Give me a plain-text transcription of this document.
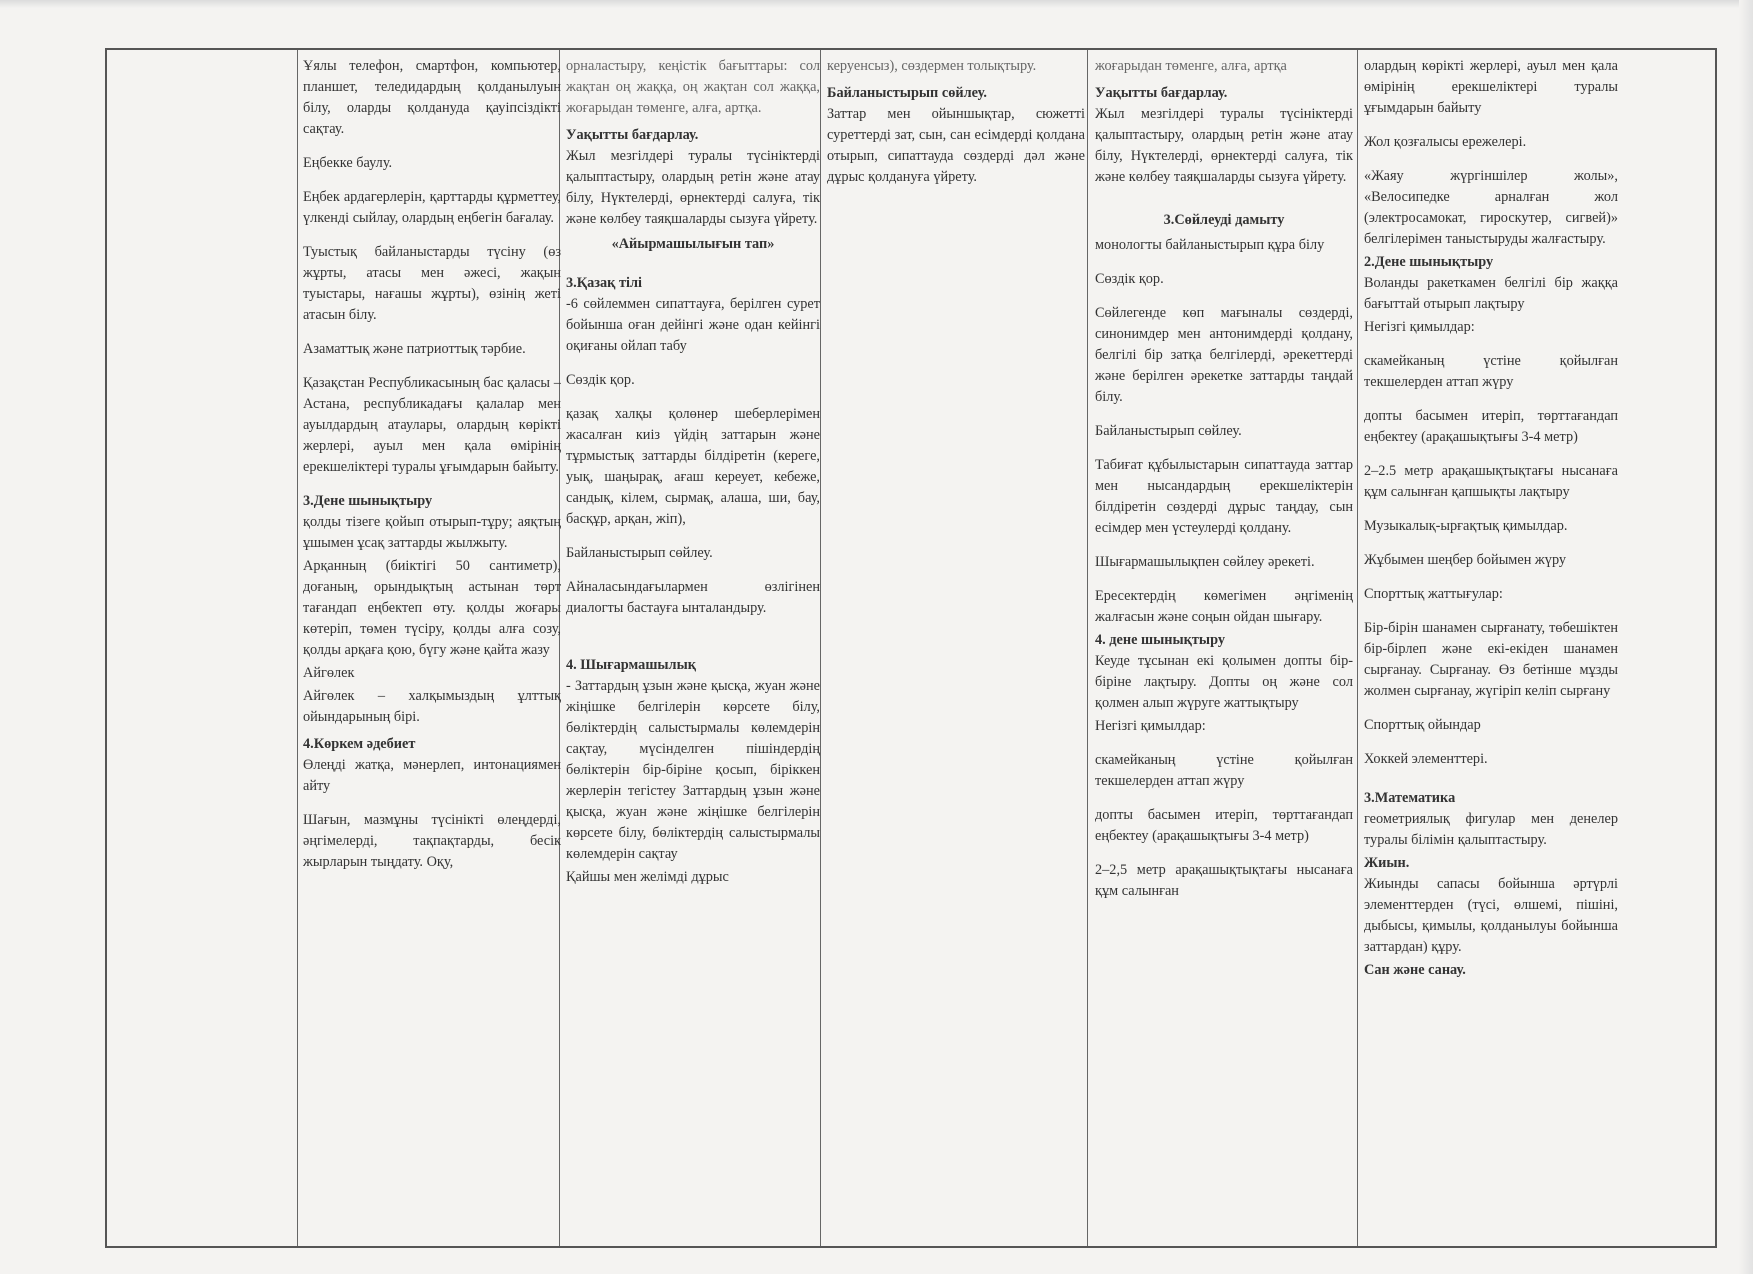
Ұялы телефон, смартфон, компьютер, планшет, теледидардың қолданылуын білу, оларды қолдануда қауіпсіздікті сақтау.

Еңбекке баулу.

Еңбек ардагерлерін, қарттарды құрметтеу, үлкенді сыйлау, олардың еңбегін бағалау.

Туыстық байланыстарды түсіну (өз жұрты, атасы мен әжесі, жақын туыстары, нағашы жұрты), өзінің жеті атасын білу.

Азаматтық және патриоттық тәрбие.

Қазақстан Республикасының бас қаласы – Астана, республикадағы қалалар мен ауылдардың атаулары, олардың көрікті жерлері, ауыл мен қала өмірінің ерекшеліктері туралы ұғымдарын байыту.

3.Дене шынықтыру

қолды тізеге қойып отырып-тұру; аяқтың ұшымен ұсақ заттарды жылжыту.

Арқанның (биіктігі 50 сантиметр), доғаның, орындықтың астынан төрт тағандап еңбектеп өту. қолды жоғары көтеріп, төмен түсіру, қолды алға созу, қолды арқаға қою, бүгу және қайта жазу

Айгөлек

Айгөлек – халқымыздың ұлттық ойындарының бірі.

4.Көркем әдебиет

Өлеңді жатқа, мәнерлеп, интонациямен айту

Шағын, мазмұны түсінікті өлеңдерді, әңгімелерді, тақпақтарды, бесік жырларын тыңдату. Оқу,

орналастыру, кеңістік бағыттары: сол жақтан оң жаққа, оң жақтан сол жаққа, жоғарыдан төменге, алға, артқа.

Уақытты бағдарлау.

Жыл мезгілдері туралы түсініктерді қалыптастыру, олардың ретін және атау білу, Нүктелерді, өрнектерді салуға, тік және көлбеу таяқшаларды сызуға үйрету.

«Айырмашылығын тап»
3.Қазақ тілі

-6 сөйлеммен сипаттауға, берілген сурет бойынша оған дейінгі және одан кейінгі оқиғаны ойлап табу

Сөздік қор.

қазақ халқы қолөнер шеберлерімен жасалған киіз үйдің заттарын және тұрмыстық заттарды білдіретін (кереге, уық, шаңырақ, ағаш кереует, кебеже, сандық, кілем, сырмақ, алаша, ши, бау, басқұр, арқан, жіп),

Байланыстырып сөйлеу.

Айналасындағылармен өзлігінен диалогты бастауға ынталандыру.

4. Шығармашылық

- Заттардың ұзын және қысқа, жуан және жіңішке белгілерін көрсете білу, бөліктердің салыстырмалы көлемдерін сақтау, мүсінделген пішіндердің бөліктерін бір-біріне қосып, біріккен жерлерін тегістеу Заттардың ұзын және қысқа, жуан және жіңішке белгілерін көрсете білу, бөліктердің салыстырмалы көлемдерін сақтау

Қайшы мен желімді дұрыс

керуенсыз), сөздермен толықтыру.

Байланыстырып сөйлеу.

Заттар мен ойыншықтар, сюжетті суреттерді зат, сын, сан есімдерді қолдана отырып, сипаттауда сөздерді дәл және дұрыс қолдануға үйрету.

жоғарыдан төменге, алға, артқа

Уақытты бағдарлау.

Жыл мезгілдері туралы түсініктерді қалыптастыру, олардың ретін және атау білу, Нүктелерді, өрнектерді салуға, тік және көлбеу таяқшаларды сызуға үйрету.

3.Сөйлеуді дамыту

монологты байланыстырып құра білу

Сөздік қор.

Сөйлегенде көп мағыналы сөздерді, синонимдер мен антонимдерді қолдану, белгілі бір затқа белгілерді, әрекеттерді және берілген әрекетке заттарды таңдай білу.

Байланыстырып сөйлеу.

Табиғат құбылыстарын сипаттауда заттар мен нысандардың ерекшеліктерін білдіретін сөздерді дұрыс таңдау, сын есімдер мен үстеулерді қолдану.

Шығармашылықпен сөйлеу әрекеті.

Ересектердің көмегімен әңгіменің жалғасын және соңын ойдан шығару.

4. дене шынықтыру

Кеуде тұсынан екі қолымен допты бір-біріне лақтыру. Допты оң және сол қолмен алып жүруге жаттықтыру

Негізгі қимылдар:

скамейканың үстіне қойылған текшелерден аттап жүру

допты басымен итеріп, төрттағандап еңбектеу (арақашықтығы 3-4 метр)

2–2,5 метр арақашықтықтағы нысанаға құм салынған

олардың көрікті жерлері, ауыл мен қала өмірінің ерекшеліктері туралы ұғымдарын байыту

Жол қозғалысы ережелері.

«Жаяу жүргіншілер жолы», «Велосипедке арналған жол (электросамокат, гироскутер, сигвей)» белгілерімен таныстыруды жалғастыру.

2.Дене шынықтыру

Воланды ракеткамен белгілі бір жаққа бағыттай отырып лақтыру

Негізгі қимылдар:

скамейканың үстіне қойылған текшелерден аттап жүру

допты басымен итеріп, төрттағандап еңбектеу (арақашықтығы 3-4 метр)

2–2.5 метр арақашықтықтағы нысанаға құм салынған қапшықты лақтыру

Музыкалық-ырғақтық қимылдар.

Жұбымен шеңбер бойымен жүру

Спорттық жаттығулар:

Бір-бірін шанамен сырғанату, төбешіктен бір-бірлеп және екі-екіден шанамен сырғанау. Сырғанау. Өз бетінше мұзды жолмен сырғанау, жүгіріп келіп сырғану

Спорттық ойындар

Хоккей элементтері.

3.Математика

геометриялық фигулар мен денелер туралы білімін қалыптастыру.

Жиын.

Жиынды сапасы бойынша әртүрлі элементтерден (түсі, өлшемі, пішіні, дыбысы, қимылы, қолданылуы бойынша заттардан) құру.

Сан және санау.
